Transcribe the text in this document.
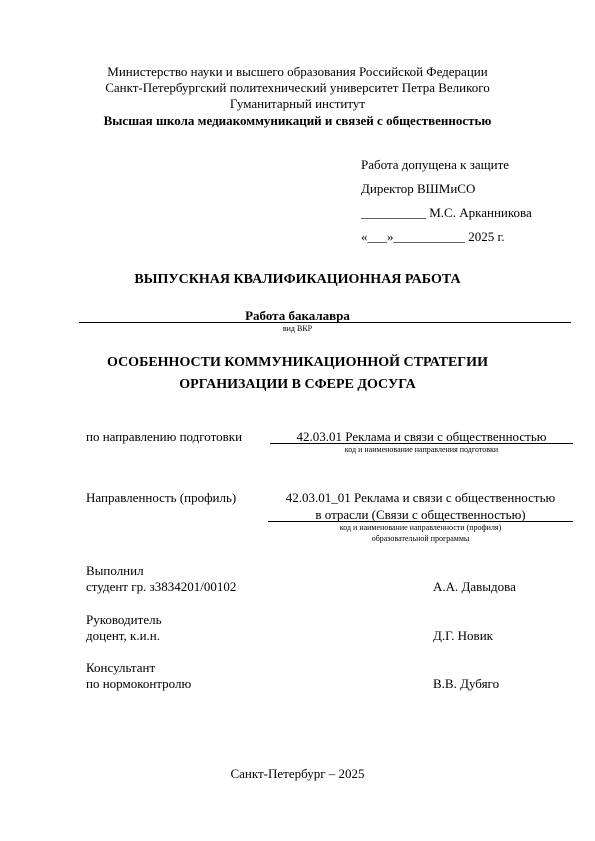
Министерство науки и высшего образования Российской Федерации
Санкт-Петербургский политехнический университет Петра Великого
Гуманитарный институт
Высшая школа медиакоммуникаций и связей с общественностью
Работа допущена к защите
Директор ВШМиСО
__________ М.С. Арканникова
«___»___________ 2025 г.
ВЫПУСКНАЯ КВАЛИФИКАЦИОННАЯ РАБОТА
Работа бакалавра
вид ВКР
ОСОБЕННОСТИ КОММУНИКАЦИОННОЙ СТРАТЕГИИ
ОРГАНИЗАЦИИ В СФЕРЕ ДОСУГА
по направлению подготовки	42.03.01 Реклама и связи с общественностью
код и наименование направления подготовки
Направленность (профиль)	42.03.01_01 Реклама и связи с общественностью
в отрасли (Связи с общественностью)
код и наименование направленности (профиля)
образовательной программы
Выполнил
студент гр. з3834201/00102	А.А. Давыдова
Руководитель
доцент, к.и.н.	Д.Г. Новик
Консультант
по нормоконтролю	В.В. Дубяго
Санкт-Петербург – 2025
